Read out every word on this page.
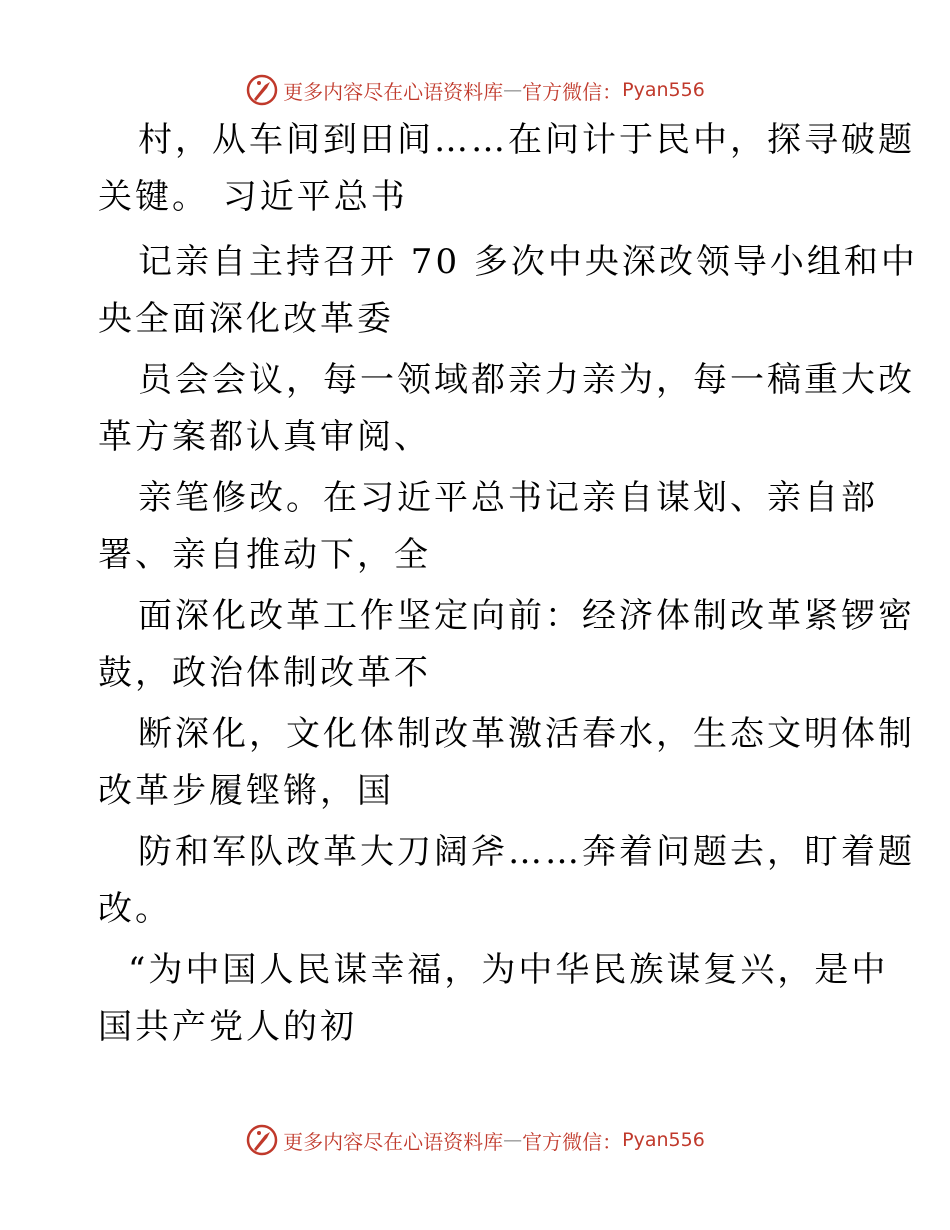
更多内容尽在心语资料库 — 官方微信： Pyan556
村，从车间到田间……在问计于民中，探寻破题
关键。 习近平总书
记亲自主持召开 70 多次中央深改领导小组和中
央全面深化改革委
员会会议，每一领域都亲力亲为，每一稿重大改
革方案都认真审阅、
亲笔修改。在习近平总书记亲自谋划、亲自部
署、亲自推动下，全
面深化改革工作坚定向前：经济体制改革紧锣密
鼓，政治体制改革不
断深化，文化体制改革激活春水，生态文明体制
改革步履铿锵，国
防和军队改革大刀阔斧……奔着问题去，盯着题
改。
“为中国人民谋幸福，为中华民族谋复兴，是中
国共产党人的初
更多内容尽在心语资料库 — 官方微信： Pyan556
